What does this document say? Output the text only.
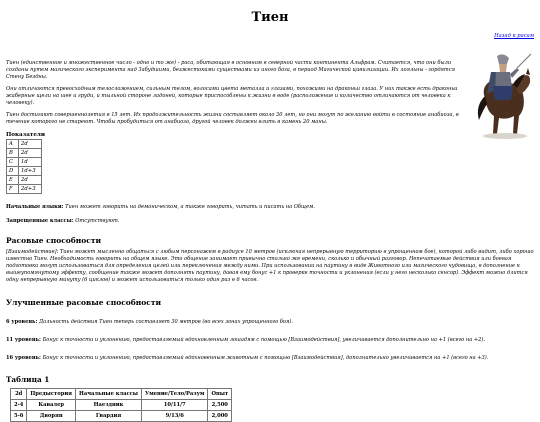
Тиен
Назад к расам

Тиен (единственное и множественное число - одно и то же) - раса, обитающая в основном в северной части континента Альфрам. Считается, что они были созданы путем магического эксперимента над Забудшими, безжестокими существами из иного бога, в период Магической цивилизации. Их лояльны - гордятся Стену Бездны.

Они отличаются превосходным телосложением, сильным телом, волосами цвета металла и глазами, похожими на драконьи глаза. У них также есть драконьи жаберные щели на шее и груди, и тыльной стороне ладоней, которые приспособлены к жизни в воде (расположение и количество отличаются от человека к человеку).

Тиен достигают совершеннолетия в 15 лет. Их продолжительность жизни составляет около 30 лет, но они могут по желанию войти в состояние анабиоза, в течение которого не стареют. Чтобы пробудиться от анабиоза, другой человек должен влить в камень 20 маны.

Показатели
A	2d
B	2d
C	1d
D	1d+3
E	2d
F	2d+3

Начальные языки: Тиен может говорить на демоническом, а также говорить, читать и писать на Общем.

Запрещенные классы: Отсутствуют.

Расовые способности

[Взаимодействие]: Тиен может мысленно общаться с любым персонажем в радиусе 10 метров (исключая непрерывную территорию в упрощенном бое), которой либо видит, либо хорошо известно Тиен. Необходимость говорить на общем языке. Это общение занимает привычно столько же времени, сколько и обычный разговор. Непечатаемые действия или боевая подготовка могут использоваться для определения целей или переключения между ними. При использовании на паутину в виде Животного или магического чудовища, в дополнение к вышеупомянутому эффекту, сообщение также может дополнять паутину, давая ему бонус +1 к проверке точности и уклонения (если у него несколько сенсор). Эффект можно длится одну непрерывную минуту (6 циклов) и может использоваться только один раз в 6 часов.

Улучшенные расовые способности

6 уровень: Дальность действия Тиен теперь составляет 30 метров (во всех зонах упрощенного боя).

11 уровень: Бонус к точности и уклонению, предоставляемый вдохновленным лошадям с помощью [Взаимодействия], увеличивается дополнительно на +1 (всего на +2).

16 уровень: Бонус к точности и уклонению, предоставляемый вдохновенным животным с помощью [Взаимодействия], дополнительно увеличивается на +1 (всего на +3).

Таблица 1
2d	Предыстория	Начальные классы	Умение/Тело/Разум	Опыт
2-4	Кавалер	Наездник	10/11/7	2,500
5-6	Дворян	Гвардия	9/13/6	2,000
